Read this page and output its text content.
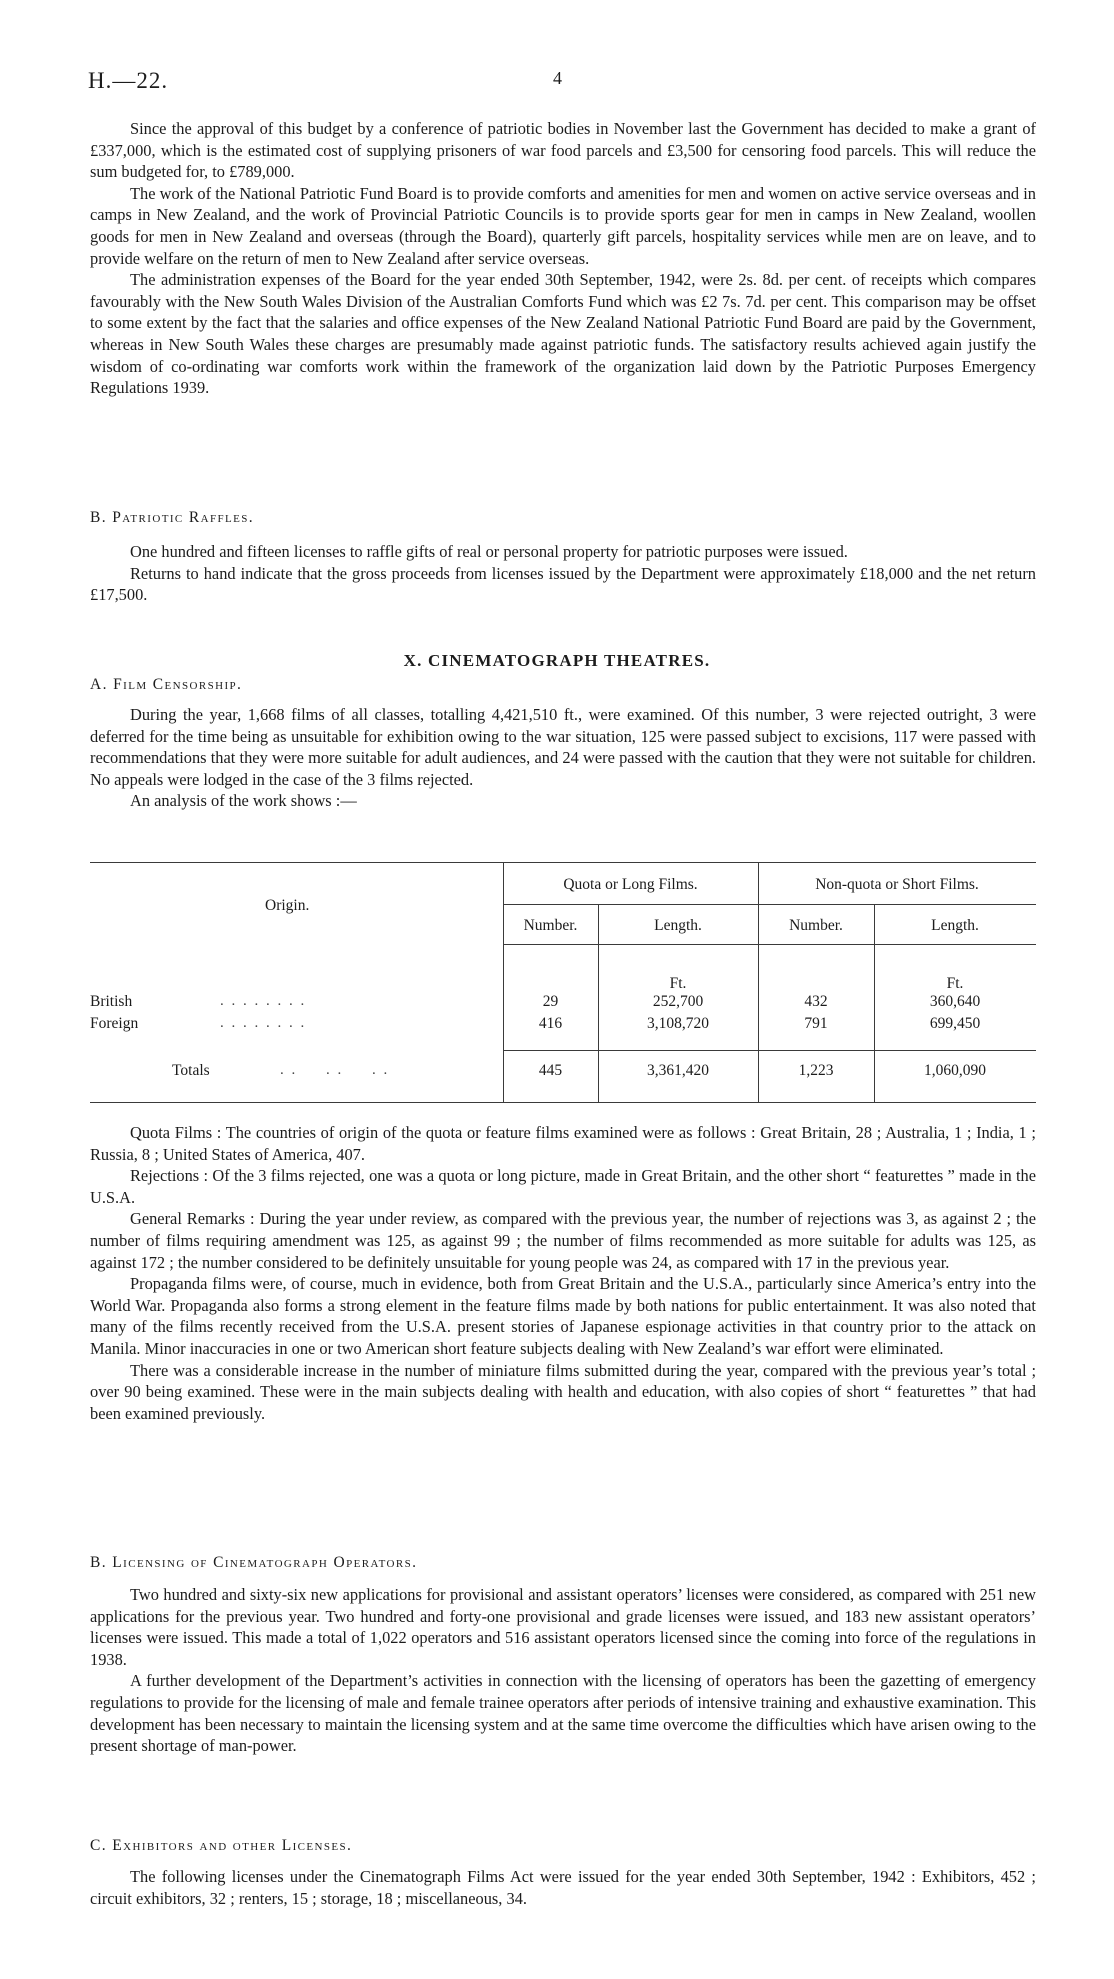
H.—22.	4

Since the approval of this budget by a conference of patriotic bodies in November last the Government has decided to make a grant of £337,000, which is the estimated cost of supplying prisoners of war food parcels and £3,500 for censoring food parcels. This will reduce the sum budgeted for, to £789,000.

The work of the National Patriotic Fund Board is to provide comforts and amenities for men and women on active service overseas and in camps in New Zealand, and the work of Provincial Patriotic Councils is to provide sports gear for men in camps in New Zealand, woollen goods for men in New Zealand and overseas (through the Board), quarterly gift parcels, hospitality services while men are on leave, and to provide welfare on the return of men to New Zealand after service overseas.

The administration expenses of the Board for the year ended 30th September, 1942, were 2s. 8d. per cent. of receipts which compares favourably with the New South Wales Division of the Australian Comforts Fund which was £2 7s. 7d. per cent. This comparison may be offset to some extent by the fact that the salaries and office expenses of the New Zealand National Patriotic Fund Board are paid by the Government, whereas in New South Wales these charges are presumably made against patriotic funds. The satisfactory results achieved again justify the wisdom of co-ordinating war comforts work within the framework of the organization laid down by the Patriotic Purposes Emergency Regulations 1939.

B. Patriotic Raffles.

One hundred and fifteen licenses to raffle gifts of real or personal property for patriotic purposes were issued.

Returns to hand indicate that the gross proceeds from licenses issued by the Department were approximately £18,000 and the net return £17,500.

X. CINEMATOGRAPH THEATRES.
A. Film Censorship.

During the year, 1,668 films of all classes, totalling 4,421,510 ft., were examined. Of this number, 3 were rejected outright, 3 were deferred for the time being as unsuitable for exhibition owing to the war situation, 125 were passed subject to excisions, 117 were passed with recommendations that they were more suitable for adult audiences, and 24 were passed with the caution that they were not suitable for children. No appeals were lodged in the case of the 3 films rejected.

An analysis of the work shows :—

Origin.
Quota or Long Films.	Non-quota or Short Films.
Number.	Length.	Number.	Length.
Ft.	Ft.
British	. . . . . . . .	29	252,700	432	360,640
Foreign	. . . . . . . .	416	3,108,720	791	699,450
Totals	. .     . .     . .	445	3,361,420	1,223	1,060,090

Quota Films : The countries of origin of the quota or feature films examined were as follows : Great Britain, 28 ; Australia, 1 ; India, 1 ; Russia, 8 ; United States of America, 407.

Rejections : Of the 3 films rejected, one was a quota or long picture, made in Great Britain, and the other short “ featurettes ” made in the U.S.A.

General Remarks : During the year under review, as compared with the previous year, the number of rejections was 3, as against 2 ; the number of films requiring amendment was 125, as against 99 ; the number of films recommended as more suitable for adults was 125, as against 172 ; the number considered to be definitely unsuitable for young people was 24, as compared with 17 in the previous year.

Propaganda films were, of course, much in evidence, both from Great Britain and the U.S.A., particularly since America’s entry into the World War. Propaganda also forms a strong element in the feature films made by both nations for public entertainment. It was also noted that many of the films recently received from the U.S.A. present stories of Japanese espionage activities in that country prior to the attack on Manila. Minor inaccuracies in one or two American short feature subjects dealing with New Zealand’s war effort were eliminated.

There was a considerable increase in the number of miniature films submitted during the year, compared with the previous year’s total ; over 90 being examined. These were in the main subjects dealing with health and education, with also copies of short “ featurettes ” that had been examined previously.

B. Licensing of Cinematograph Operators.

Two hundred and sixty-six new applications for provisional and assistant operators’ licenses were considered, as compared with 251 new applications for the previous year. Two hundred and forty-one provisional and grade licenses were issued, and 183 new assistant operators’ licenses were issued. This made a total of 1,022 operators and 516 assistant operators licensed since the coming into force of the regulations in 1938.

A further development of the Department’s activities in connection with the licensing of operators has been the gazetting of emergency regulations to provide for the licensing of male and female trainee operators after periods of intensive training and exhaustive examination. This development has been necessary to maintain the licensing system and at the same time overcome the difficulties which have arisen owing to the present shortage of man-power.

C. Exhibitors and other Licenses.

The following licenses under the Cinematograph Films Act were issued for the year ended 30th September, 1942 : Exhibitors, 452 ; circuit exhibitors, 32 ; renters, 15 ; storage, 18 ; miscellaneous, 34.
